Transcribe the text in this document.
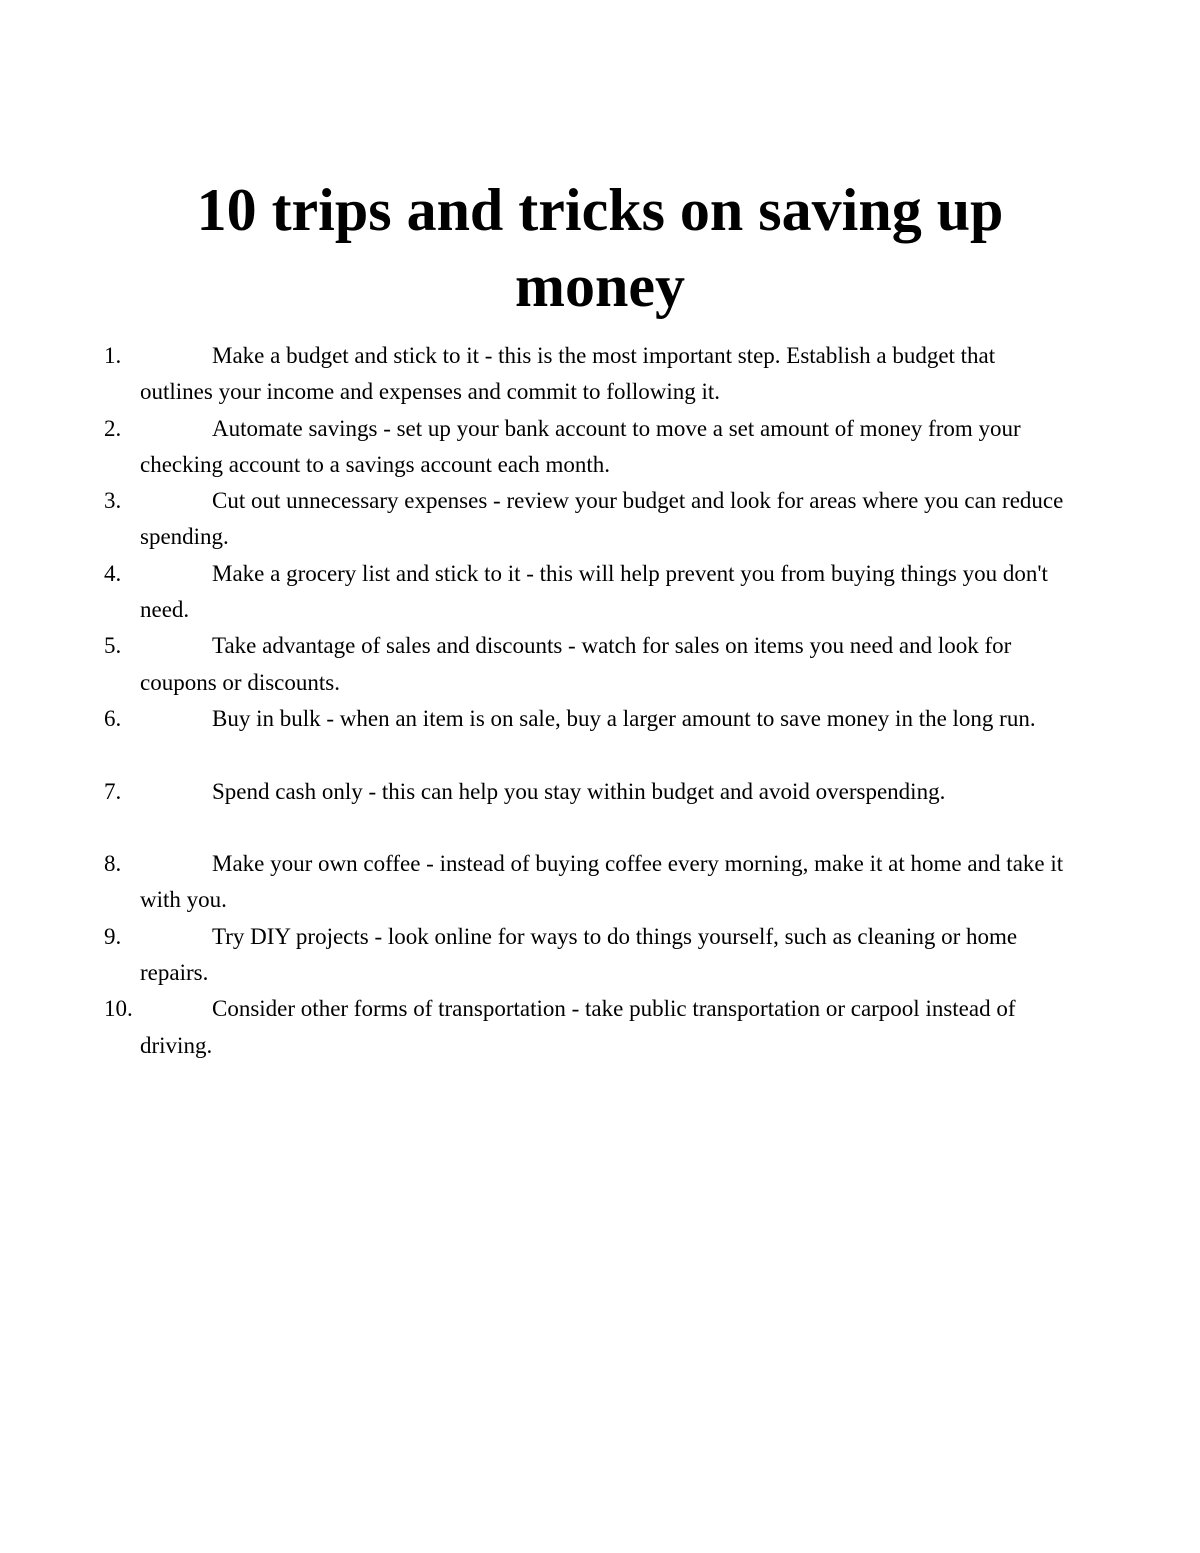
10 trips and tricks on saving up money
1.	Make a budget and stick to it - this is the most important step. Establish a budget that outlines your income and expenses and commit to following it.
2.	Automate savings - set up your bank account to move a set amount of money from your checking account to a savings account each month.
3.	Cut out unnecessary expenses - review your budget and look for areas where you can reduce spending.
4.	Make a grocery list and stick to it - this will help prevent you from buying things you don't need.
5.	Take advantage of sales and discounts - watch for sales on items you need and look for coupons or discounts.
6.	Buy in bulk - when an item is on sale, buy a larger amount to save money in the long run.
7.	Spend cash only - this can help you stay within budget and avoid overspending.
8.	Make your own coffee - instead of buying coffee every morning, make it at home and take it with you.
9.	Try DIY projects - look online for ways to do things yourself, such as cleaning or home repairs.
10.	Consider other forms of transportation - take public transportation or carpool instead of driving.
